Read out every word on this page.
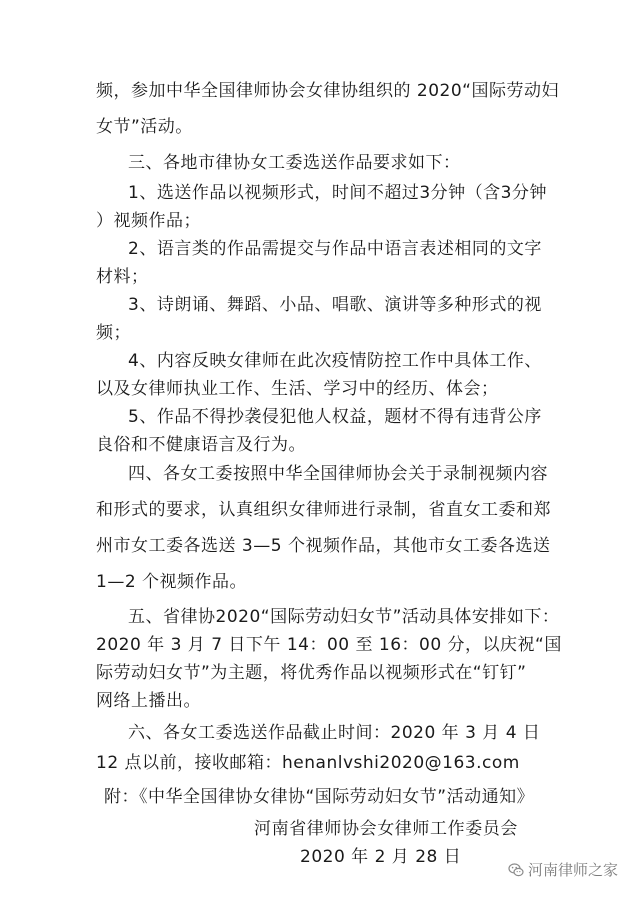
频，参加中华全国律师协会女律协组织的 2020“国际劳动妇
女节”活动。
三、各地市律协女工委选送作品要求如下：
1、选送作品以视频形式，时间不超过3分钟（含3分钟
）视频作品；
2、语言类的作品需提交与作品中语言表述相同的文字
材料；
3、诗朗诵、舞蹈、小品、唱歌、演讲等多种形式的视
频；
4、内容反映女律师在此次疫情防控工作中具体工作、
以及女律师执业工作、生活、学习中的经历、体会；
5、作品不得抄袭侵犯他人权益，题材不得有违背公序
良俗和不健康语言及行为。
四、各女工委按照中华全国律师协会关于录制视频内容
和形式的要求，认真组织女律师进行录制，省直女工委和郑
州市女工委各选送 3—5 个视频作品，其他市女工委各选送
1—2 个视频作品。
五、省律协2020“国际劳动妇女节”活动具体安排如下：
2020 年 3 月 7 日下午 14：00 至 16：00 分，以庆祝“国
际劳动妇女节”为主题，将优秀作品以视频形式在“钉钉”
网络上播出。
六、各女工委选送作品截止时间：2020 年 3 月 4 日
12 点以前，接收邮箱：henanlvshi2020@163.com
附：《中华全国律协女律协“国际劳动妇女节”活动通知》
河南省律师协会女律师工作委员会
2020 年 2 月 28 日
河南律师之家
